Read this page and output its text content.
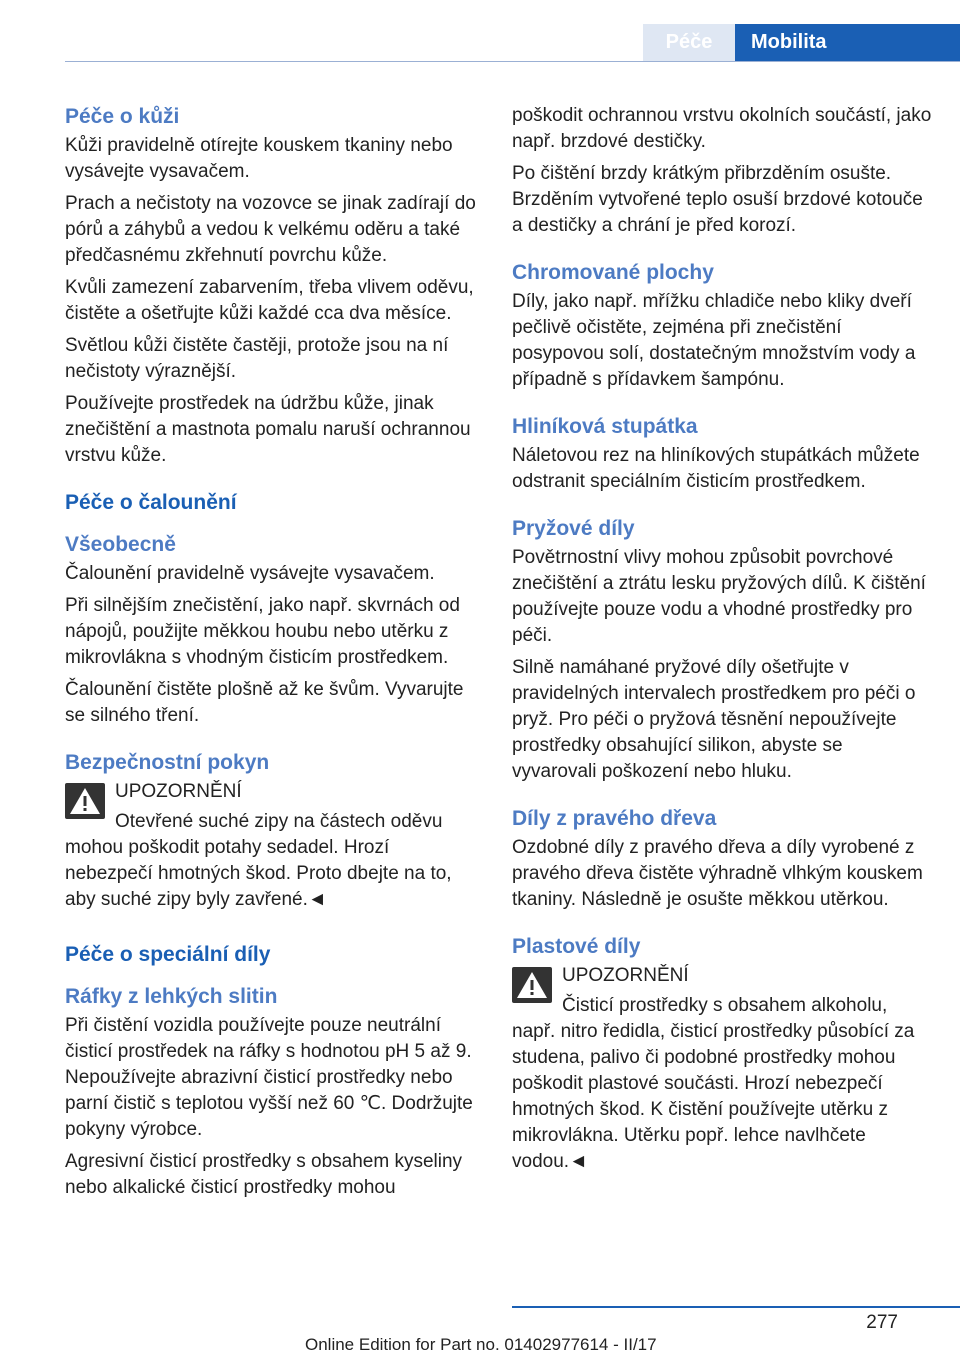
Péče	Mobilita
Péče o kůži

Kůži pravidelně otírejte kouskem tkaniny nebo vysávejte vysavačem.

Prach a nečistoty na vozovce se jinak zadírají do pórů a záhybů a vedou k velkému oděru a také předčasnému zkřehnutí povrchu kůže.

Kvůli zamezení zabarvením, třeba vlivem oděvu, čistěte a ošetřujte kůži každé cca dva měsíce.

Světlou kůži čistěte častěji, protože jsou na ní nečistoty výraznější.

Používejte prostředek na údržbu kůže, jinak znečištění a mastnota pomalu naruší ochrannou vrstvu kůže.

Péče o čalounění
Všeobecně

Čalounění pravidelně vysávejte vysavačem.

Při silnějším znečistění, jako např. skvrnách od nápojů, použijte měkkou houbu nebo utěrku z mikrovlákna s vhodným čisticím prostředkem.

Čalounění čistěte plošně až ke švům. Vyvarujte se silného tření.

Bezpečnostní pokyn
UPOZORNĚNÍ

Otevřené suché zipy na částech oděvu
mohou poškodit potahy sedadel. Hrozí nebezpečí hmotných škod. Proto dbejte na to, aby suché zipy byly zavřené.◄

Péče o speciální díly
Ráfky z lehkých slitin

Při čistění vozidla používejte pouze neutrální čisticí prostředek na ráfky s hodnotou pH 5 až 9. Nepoužívejte abrazivní čisticí prostředky nebo parní čistič s teplotou vyšší než 60 ℃. Dodržujte pokyny výrobce.

Agresivní čisticí prostředky s obsahem kyseliny nebo alkalické čisticí prostředky mohou

poškodit ochrannou vrstvu okolních součástí, jako např. brzdové destičky.

Po čištění brzdy krátkým přibrzděním osušte. Brzděním vytvořené teplo osuší brzdové kotouče a destičky a chrání je před korozí.

Chromované plochy

Díly, jako např. mřížku chladiče nebo kliky dveří pečlivě očistěte, zejména při znečistění posypovou solí, dostatečným množstvím vody a případně s přídavkem šampónu.

Hliníková stupátka

Náletovou rez na hliníkových stupátkách můžete odstranit speciálním čisticím prostředkem.

Pryžové díly

Povětrnostní vlivy mohou způsobit povrchové znečištění a ztrátu lesku pryžových dílů. K čištění používejte pouze vodu a vhodné prostředky pro péči.

Silně namáhané pryžové díly ošetřujte v pravidelných intervalech prostředkem pro péči o pryž. Pro péči o pryžová těsnění nepoužívejte prostředky obsahující silikon, abyste se vyvarovali poškození nebo hluku.

Díly z pravého dřeva

Ozdobné díly z pravého dřeva a díly vyrobené z pravého dřeva čistěte výhradně vlhkým kouskem tkaniny. Následně je osušte měkkou utěrkou.

Plastové díly
UPOZORNĚNÍ

Čisticí prostředky s obsahem alkoholu,
např. nitro ředidla, čisticí prostředky působící za studena, palivo či podobné prostředky mohou poškodit plastové součásti. Hrozí nebezpečí hmotných škod. K čistění používejte utěrku z mikrovlákna. Utěrku popř. lehce navlhčete vodou.◄

277
Online Edition for Part no. 01402977614 - II/17
